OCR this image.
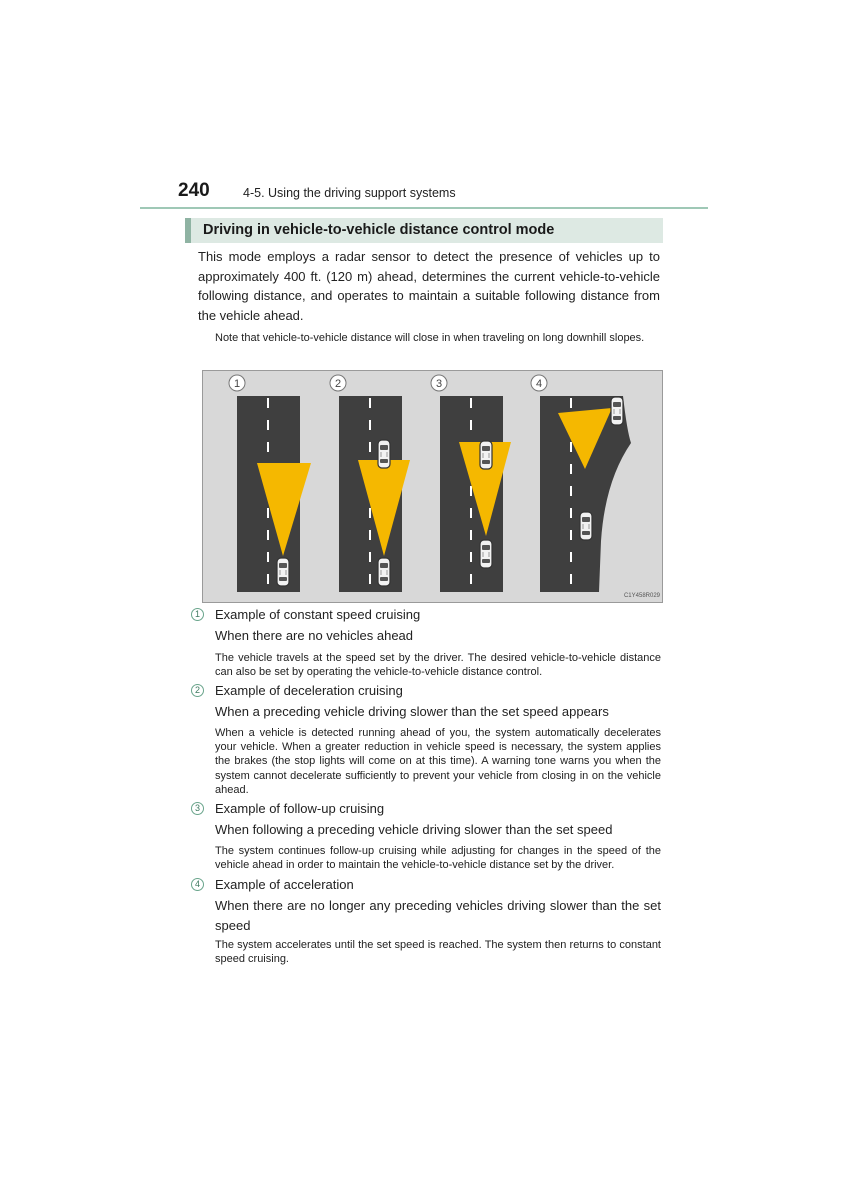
240	4-5. Using the driving support systems
Driving in vehicle-to-vehicle distance control mode
This mode employs a radar sensor to detect the presence of vehicles up to approximately 400 ft. (120 m) ahead, determines the current vehicle-to-vehicle following distance, and operates to maintain a suitable following distance from the vehicle ahead.
Note that vehicle-to-vehicle distance will close in when traveling on long downhill slopes.
1	2	3	4
C1Y458R029
1	Example of constant speed cruising
When there are no vehicles ahead
The vehicle travels at the speed set by the driver. The desired vehicle-to-vehicle distance can also be set by operating the vehicle-to-vehicle distance control.
2	Example of deceleration cruising
When a preceding vehicle driving slower than the set speed appears
When a vehicle is detected running ahead of you, the system automatically decelerates your vehicle. When a greater reduction in vehicle speed is necessary, the system applies the brakes (the stop lights will come on at this time). A warning tone warns you when the system cannot decelerate sufficiently to prevent your vehicle from closing in on the vehicle ahead.
3	Example of follow-up cruising
When following a preceding vehicle driving slower than the set speed
The system continues follow-up cruising while adjusting for changes in the speed of the vehicle ahead in order to maintain the vehicle-to-vehicle distance set by the driver.
4	Example of acceleration
When there are no longer any preceding vehicles driving slower than the set speed
The system accelerates until the set speed is reached. The system then returns to constant speed cruising.
